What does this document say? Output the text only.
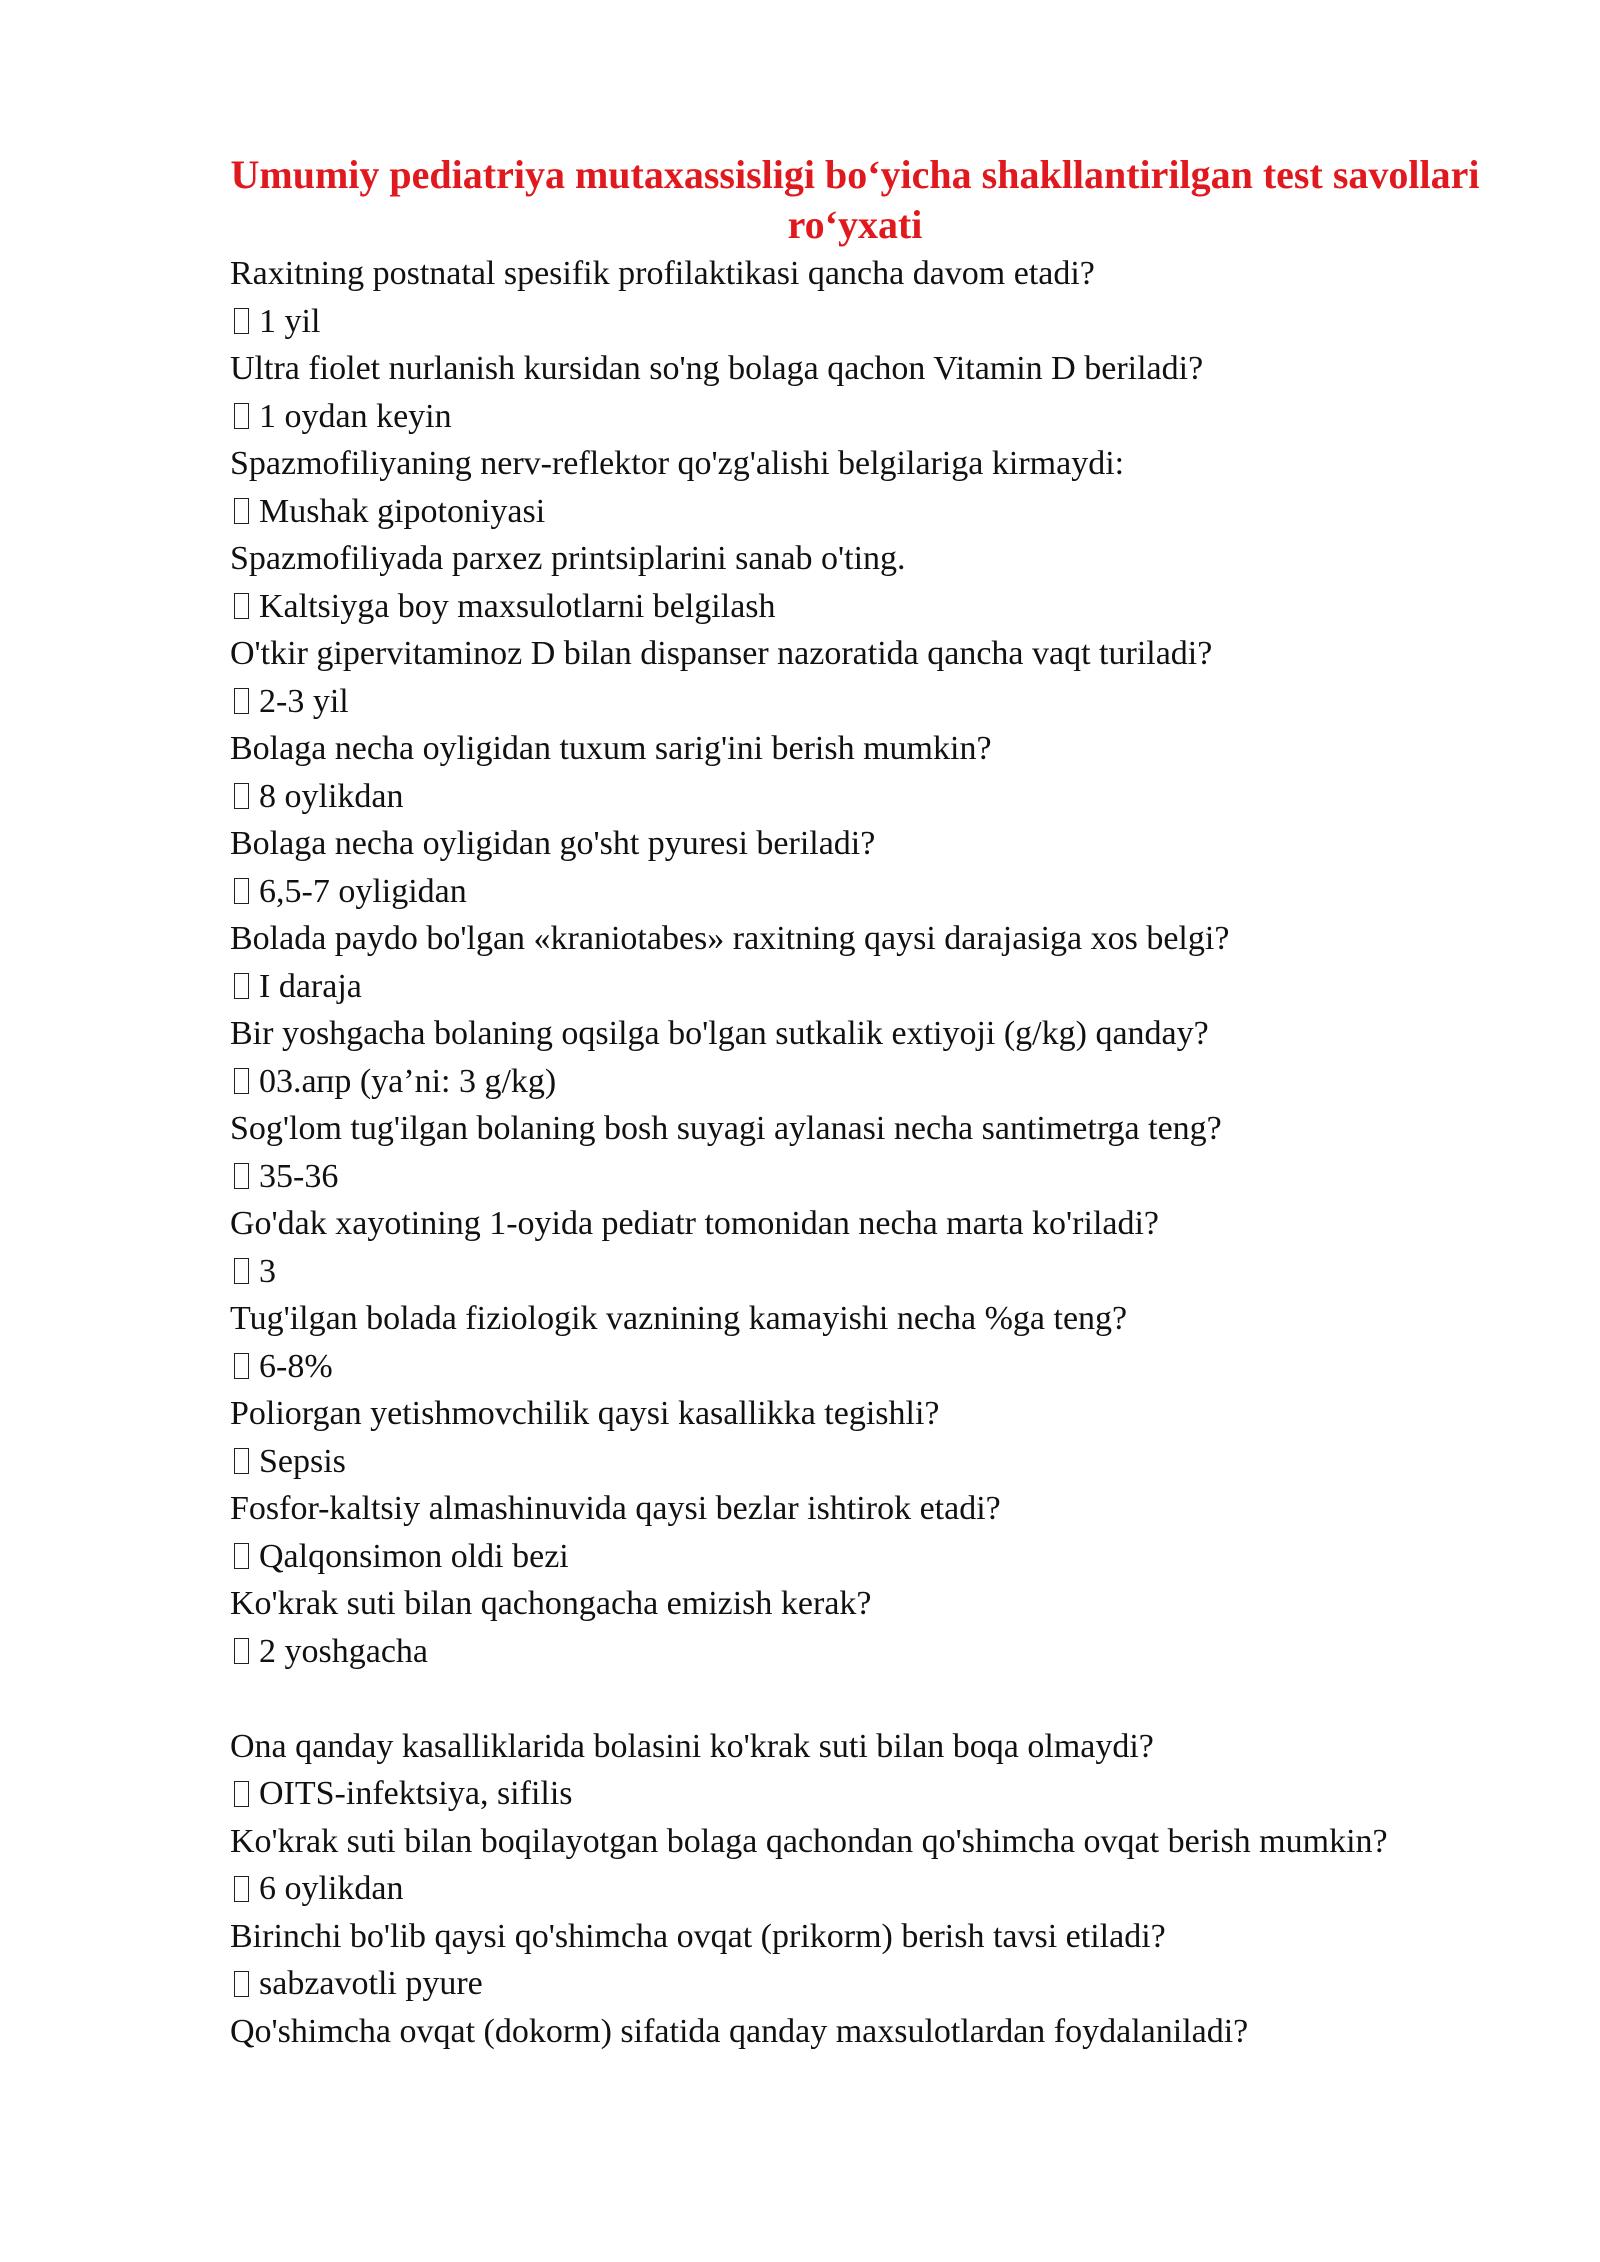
Umumiy pediatriya mutaxassisligi bo‘yicha shakllantirilgan test savollari ro‘yxati

Raxitning postnatal spesifik profilaktikasi qancha davom etadi?

1 yil

Ultra fiolet nurlanish kursidan so'ng bolaga qachon Vitamin D beriladi?

1 oydan keyin

Spazmofiliyaning nerv-reflektor qo'zg'alishi belgilariga kirmaydi:

Mushak gipotoniyasi

Spazmofiliyada parxez printsiplarini sanab o'ting.

Kaltsiyga boy maxsulotlarni belgilash

O'tkir gipervitaminoz D bilan dispanser nazoratida qancha vaqt turiladi?

2-3 yil

Bolaga necha oyligidan tuxum sarig'ini berish mumkin?

8 oylikdan

Bolaga necha oyligidan go'sht pyuresi beriladi?

6,5-7 oyligidan

Bolada paydo bo'lgan «kraniotabes» raxitning qaysi darajasiga xos belgi?

I daraja

Bir yoshgacha bolaning oqsilga bo'lgan sutkalik extiyoji (g/kg) qanday?

03.апр (ya’ni: 3 g/kg)

Sog'lom tug'ilgan bolaning bosh suyagi aylanasi necha santimetrga teng?

35-36

Go'dak xayotining 1-oyida pediatr tomonidan necha marta ko'riladi?

3

Tug'ilgan bolada fiziologik vaznining kamayishi necha %ga teng?

6-8%

Poliorgan yetishmovchilik qaysi kasallikka tegishli?

Sepsis

Fosfor-kaltsiy almashinuvida qaysi bezlar ishtirok etadi?

Qalqonsimon oldi bezi

Ko'krak suti bilan qachongacha emizish kerak?

2 yoshgacha

Ona qanday kasalliklarida bolasini ko'krak suti bilan boqa olmaydi?

OITS-infektsiya, sifilis

Ko'krak suti bilan boqilayotgan bolaga qachondan qo'shimcha ovqat berish mumkin?

6 oylikdan

Birinchi bo'lib qaysi qo'shimcha ovqat (prikorm) berish tavsi etiladi?

sabzavotli pyure

Qo'shimcha ovqat (dokorm) sifatida qanday maxsulotlardan foydalaniladi?
